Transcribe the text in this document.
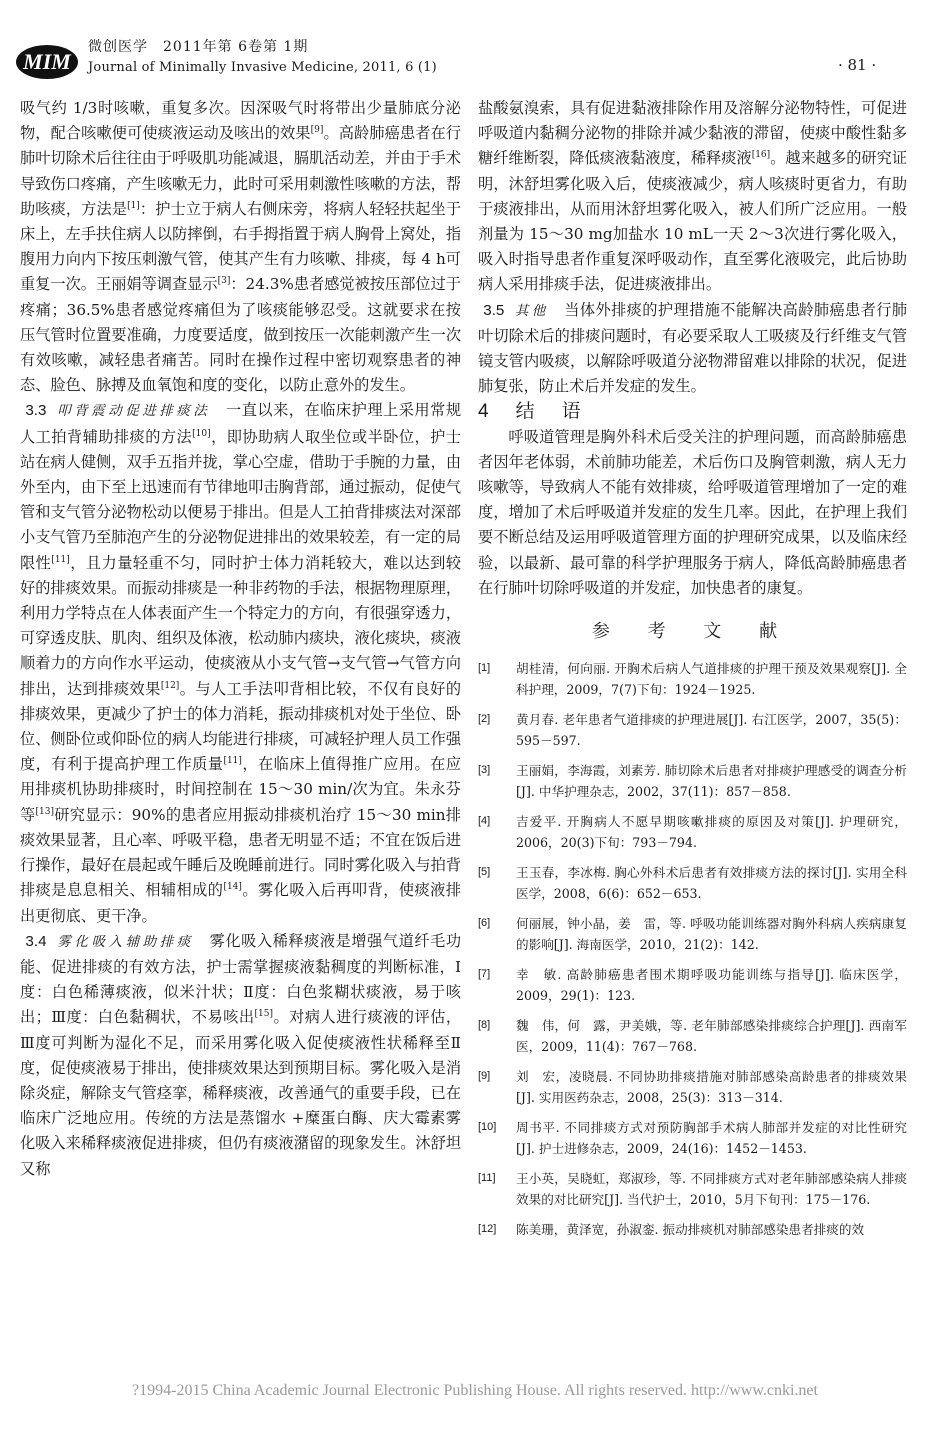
MIM
微创医学　2011年第 6卷第 1期
Journal of Minimally Invasive Medicine, 2011, 6 (1)	· 81 ·

吸气约 1/3时咳嗽，重复多次。因深吸气时将带出少量肺底分泌物，配合咳嗽便可使痰液运动及咳出的效果[9]。高龄肺癌患者在行肺叶切除术后往往由于呼吸肌功能减退，膈肌活动差，并由于手术导致伤口疼痛，产生咳嗽无力，此时可采用刺激性咳嗽的方法，帮助咳痰，方法是[1]：护士立于病人右侧床旁，将病人轻轻扶起坐于床上，左手扶住病人以防摔倒，右手拇指置于病人胸骨上窝处，指腹用力向内下按压刺激气管，使其产生有力咳嗽、排痰，每 4 h可重复一次。王丽娟等调查显示[3]：24.3%患者感觉被按压部位过于疼痛；36.5%患者感觉疼痛但为了咳痰能够忍受。这就要求在按压气管时位置要准确，力度要适度，做到按压一次能刺激产生一次有效咳嗽，减轻患者痛苦。同时在操作过程中密切观察患者的神态、脸色、脉搏及血氧饱和度的变化，以防止意外的发生。

3.3 叩背震动促进排痰法　一直以来，在临床护理上采用常规人工拍背辅助排痰的方法[10]，即协助病人取坐位或半卧位，护士站在病人健侧，双手五指并拢，掌心空虚，借助于手腕的力量，由外至内，由下至上迅速而有节律地叩击胸背部，通过振动，促使气管和支气管分泌物松动以便易于排出。但是人工拍背排痰法对深部小支气管乃至肺泡产生的分泌物促进排出的效果较差，有一定的局限性[11]，且力量轻重不匀，同时护士体力消耗较大，难以达到较好的排痰效果。而振动排痰是一种非药物的手法，根据物理原理，利用力学特点在人体表面产生一个特定力的方向，有很强穿透力，可穿透皮肤、肌肉、组织及体液，松动肺内痰块，液化痰块，痰液顺着力的方向作水平运动，使痰液从小支气管→支气管→气管方向排出，达到排痰效果[12]。与人工手法叩背相比较，不仅有良好的排痰效果，更减少了护士的体力消耗，振动排痰机对处于坐位、卧位、侧卧位或仰卧位的病人均能进行排痰，可减轻护理人员工作强度，有利于提高护理工作质量[11]，在临床上值得推广应用。在应用排痰机协助排痰时，时间控制在 15～30 min/次为宜。朱永芬等[13]研究显示：90%的患者应用振动排痰机治疗 15～30 min排痰效果显著，且心率、呼吸平稳，患者无明显不适；不宜在饭后进行操作，最好在晨起或午睡后及晚睡前进行。同时雾化吸入与拍背排痰是息息相关、相辅相成的[14]。雾化吸入后再叩背，使痰液排出更彻底、更干净。

3.4 雾化吸入辅助排痰　雾化吸入稀释痰液是增强气道纤毛功能、促进排痰的有效方法，护士需掌握痰液黏稠度的判断标准，Ⅰ度：白色稀薄痰液，似米汁状；Ⅱ度：白色浆糊状痰液，易于咳出；Ⅲ度：白色黏稠状，不易咳出[15]。对病人进行痰液的评估，Ⅲ度可判断为湿化不足，而采用雾化吸入促使痰液性状稀释至Ⅱ度，促使痰液易于排出，使排痰效果达到预期目标。雾化吸入是消除炎症，解除支气管痉挛，稀释痰液，改善通气的重要手段，已在临床广泛地应用。传统的方法是蒸馏水 +糜蛋白酶、庆大霉素雾化吸入来稀释痰液促进排痰，但仍有痰液潴留的现象发生。沐舒坦又称

盐酸氨溴索，具有促进黏液排除作用及溶解分泌物特性，可促进呼吸道内黏稠分泌物的排除并减少黏液的滞留，使痰中酸性黏多糖纤维断裂，降低痰液黏液度，稀释痰液[16]。越来越多的研究证明，沐舒坦雾化吸入后，使痰液减少，病人咳痰时更省力，有助于痰液排出，从而用沐舒坦雾化吸入，被人们所广泛应用。一般剂量为 15～30 mg加盐水 10 mL一天 2～3次进行雾化吸入，吸入时指导患者作重复深呼吸动作，直至雾化液吸完，此后协助病人采用排痰手法，促进痰液排出。

3.5 其他　当体外排痰的护理措施不能解决高龄肺癌患者行肺叶切除术后的排痰问题时，有必要采取人工吸痰及行纤维支气管镜支管内吸痰，以解除呼吸道分泌物滞留难以排除的状况，促进肺复张，防止术后并发症的发生。

4　结　语

呼吸道管理是胸外科术后受关注的护理问题，而高龄肺癌患者因年老体弱，术前肺功能差，术后伤口及胸管刺激，病人无力咳嗽等，导致病人不能有效排痰，给呼吸道管理增加了一定的难度，增加了术后呼吸道并发症的发生几率。因此，在护理上我们要不断总结及运用呼吸道管理方面的护理研究成果，以及临床经验，以最新、最可靠的科学护理服务于病人，降低高龄肺癌患者在行肺叶切除呼吸道的并发症，加快患者的康复。

参 考 文 献
[1]	胡桂清，何向丽. 开胸术后病人气道排痰的护理干预及效果观察[J]. 全科护理，2009，7(7)下旬：1924－1925.
[2]	黄月春. 老年患者气道排痰的护理进展[J]. 右江医学，2007，35(5)：595－597.
[3]	王丽娟，李海霞，刘素芳. 肺切除术后患者对排痰护理感受的调查分析[J]. 中华护理杂志，2002，37(11)：857－858.
[4]	吉爱平. 开胸病人不愿早期咳嗽排痰的原因及对策[J]. 护理研究，2006，20(3)下旬：793－794.
[5]	王玉春，李冰梅. 胸心外科术后患者有效排痰方法的探讨[J]. 实用全科医学，2008，6(6)：652－653.
[6]	何丽展，钟小晶，姜　雷，等. 呼吸功能训练器对胸外科病人疾病康复的影响[J]. 海南医学，2010，21(2)：142.
[7]	幸　敏. 高龄肺癌患者围术期呼吸功能训练与指导[J]. 临床医学，2009，29(1)：123.
[8]	魏　伟，何　露，尹美娥，等. 老年肺部感染排痰综合护理[J]. 西南军医，2009，11(4)：767－768.
[9]	刘　宏，凌晓晨. 不同协助排痰措施对肺部感染高龄患者的排痰效果[J]. 实用医药杂志，2008，25(3)：313－314.
[10]	周书平. 不同排痰方式对预防胸部手术病人肺部并发症的对比性研究[J]. 护士进修杂志，2009，24(16)：1452－1453.
[11]	王小英，吴晓虹，郑淑珍，等. 不同排痰方式对老年肺部感染病人排痰效果的对比研究[J]. 当代护士，2010，5月下旬刊：175－176.
[12]	陈美珊，黄泽宽，孙淑銮. 振动排痰机对肺部感染患者排痰的效
?1994-2015 China Academic Journal Electronic Publishing House. All rights reserved. http://www.cnki.net
